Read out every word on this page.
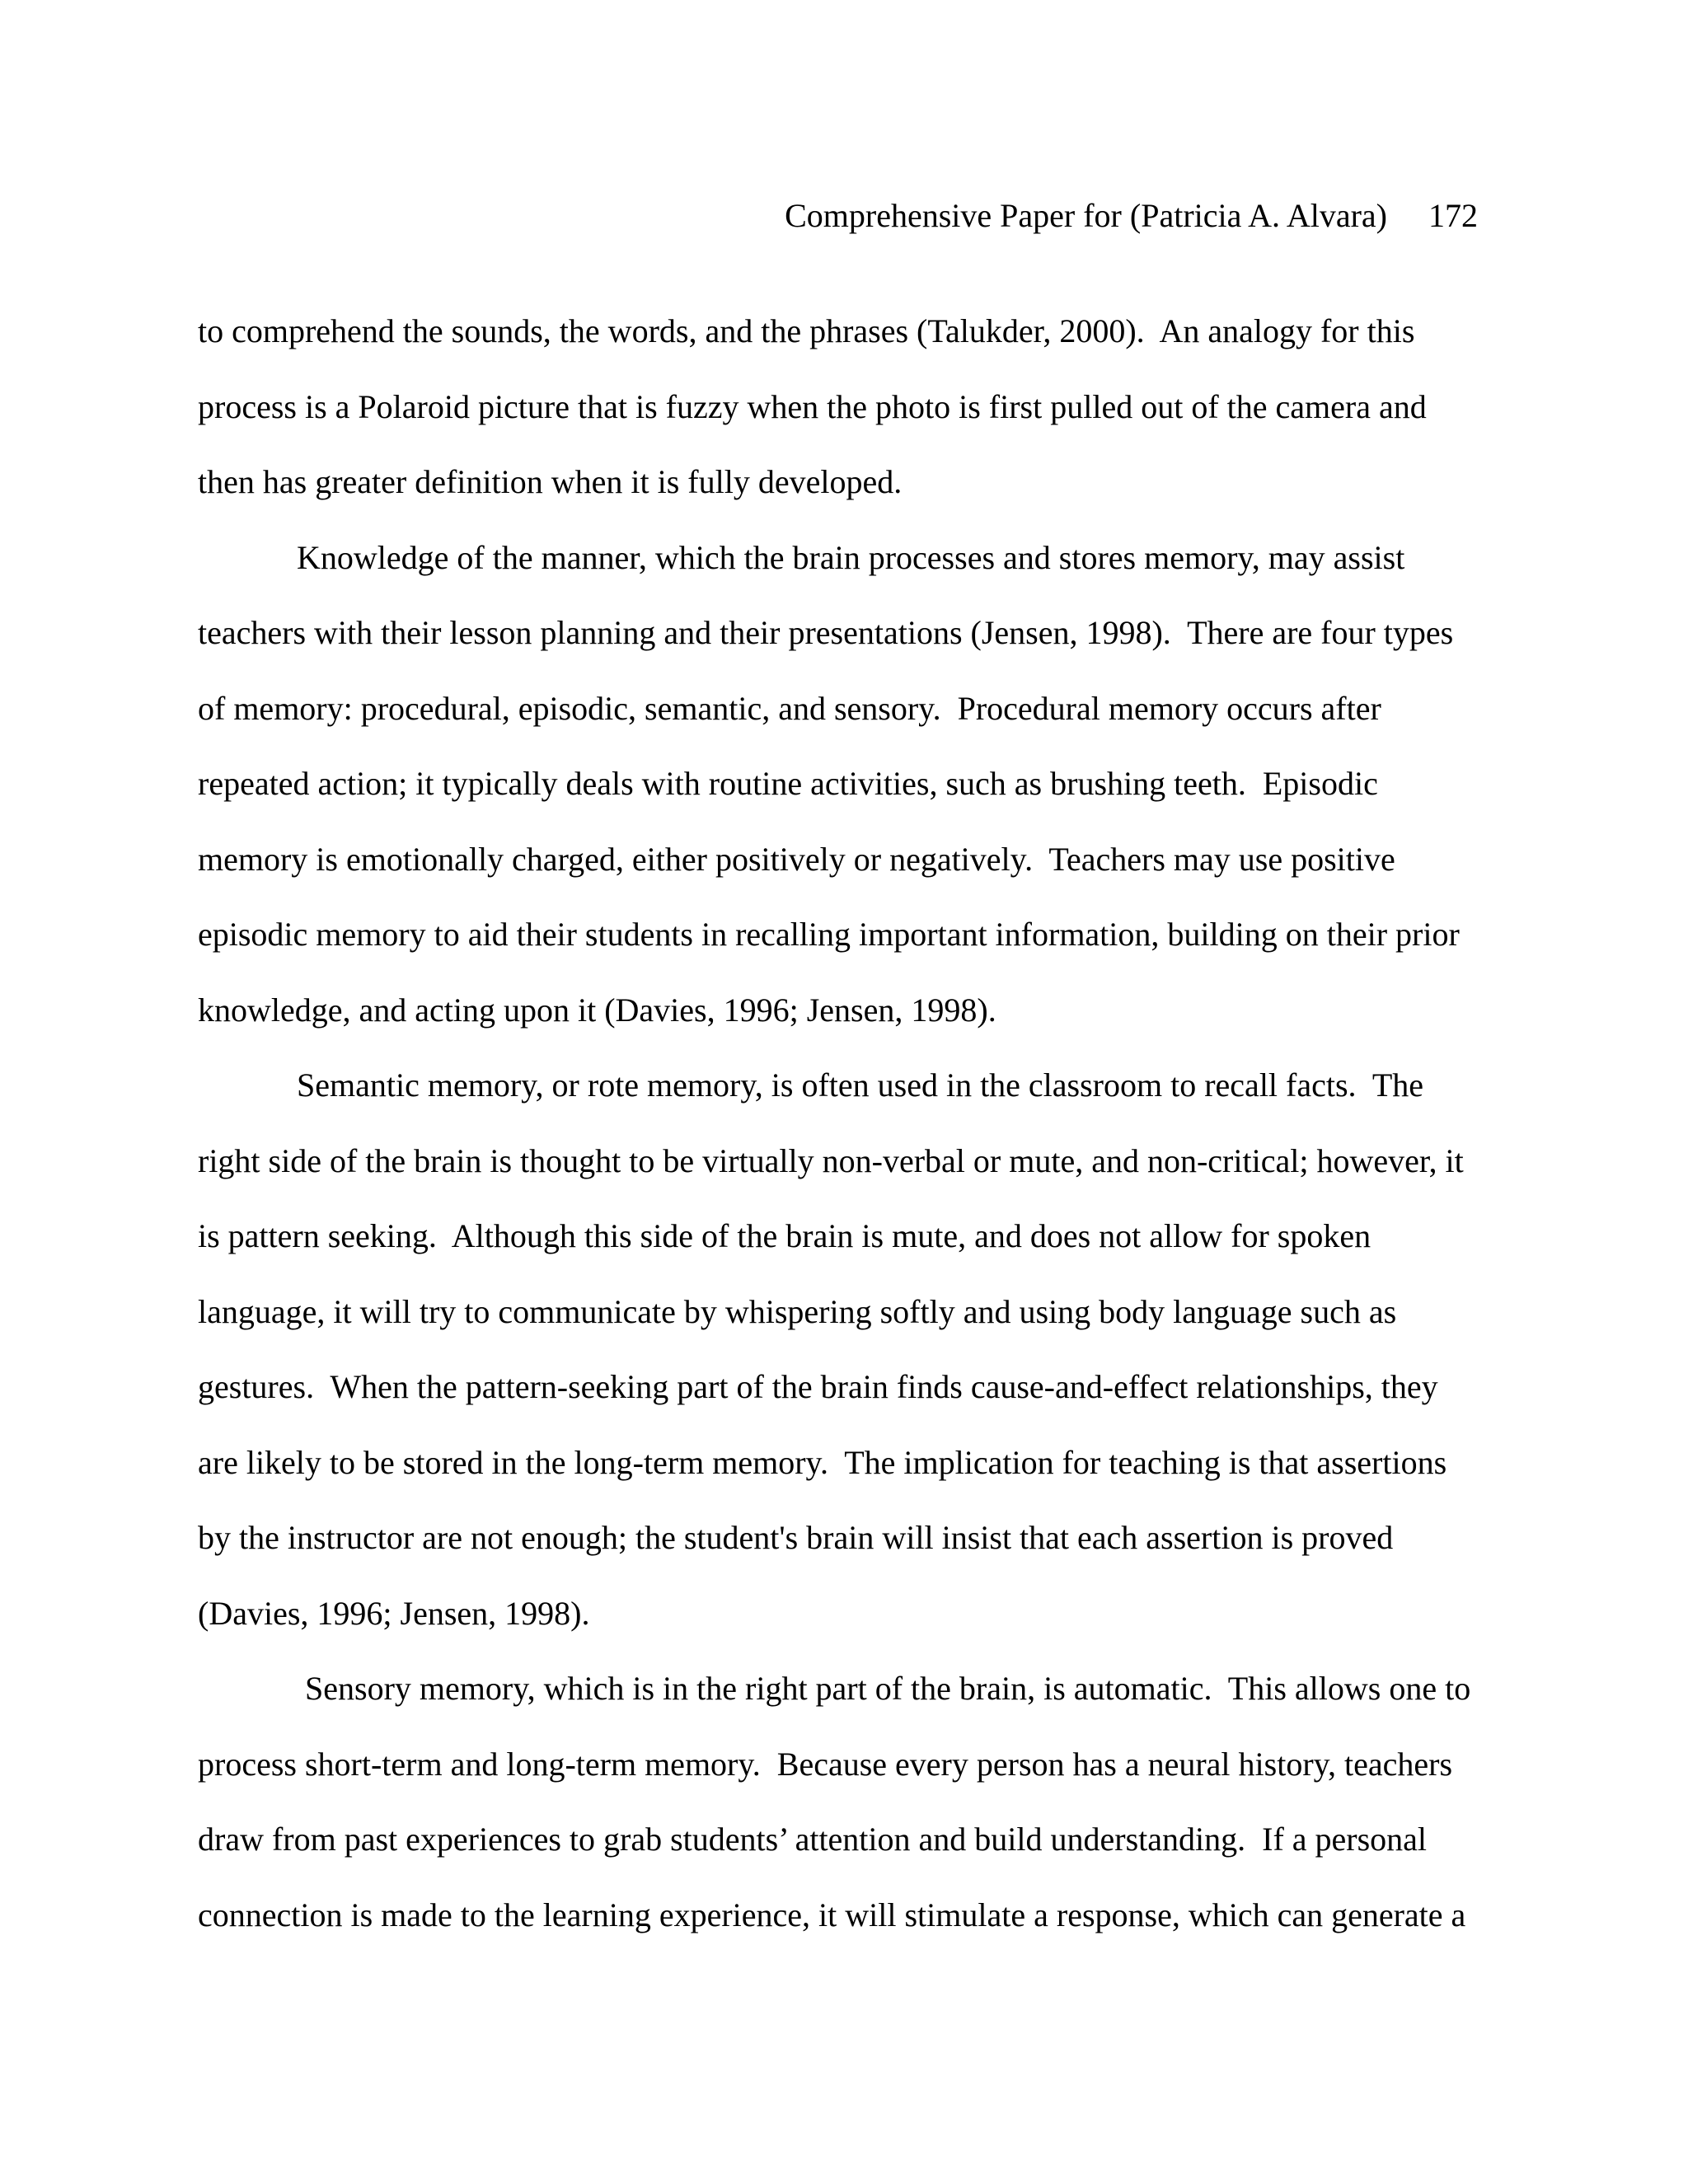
Comprehensive Paper for (Patricia A. Alvara) 172
to comprehend the sounds, the words, and the phrases (Talukder, 2000).  An analogy for this
process is a Polaroid picture that is fuzzy when the photo is first pulled out of the camera and
then has greater definition when it is fully developed.
Knowledge of the manner, which the brain processes and stores memory, may assist
teachers with their lesson planning and their presentations (Jensen, 1998).  There are four types
of memory: procedural, episodic, semantic, and sensory.  Procedural memory occurs after
repeated action; it typically deals with routine activities, such as brushing teeth.  Episodic
memory is emotionally charged, either positively or negatively.  Teachers may use positive
episodic memory to aid their students in recalling important information, building on their prior
knowledge, and acting upon it (Davies, 1996; Jensen, 1998).
Semantic memory, or rote memory, is often used in the classroom to recall facts.  The
right side of the brain is thought to be virtually non-verbal or mute, and non-critical; however, it
is pattern seeking.  Although this side of the brain is mute, and does not allow for spoken
language, it will try to communicate by whispering softly and using body language such as
gestures.  When the pattern-seeking part of the brain finds cause-and-effect relationships, they
are likely to be stored in the long-term memory.  The implication for teaching is that assertions
by the instructor are not enough; the student's brain will insist that each assertion is proved
(Davies, 1996; Jensen, 1998).
Sensory memory, which is in the right part of the brain, is automatic.  This allows one to
process short-term and long-term memory.  Because every person has a neural history, teachers
draw from past experiences to grab students’ attention and build understanding.  If a personal
connection is made to the learning experience, it will stimulate a response, which can generate a
